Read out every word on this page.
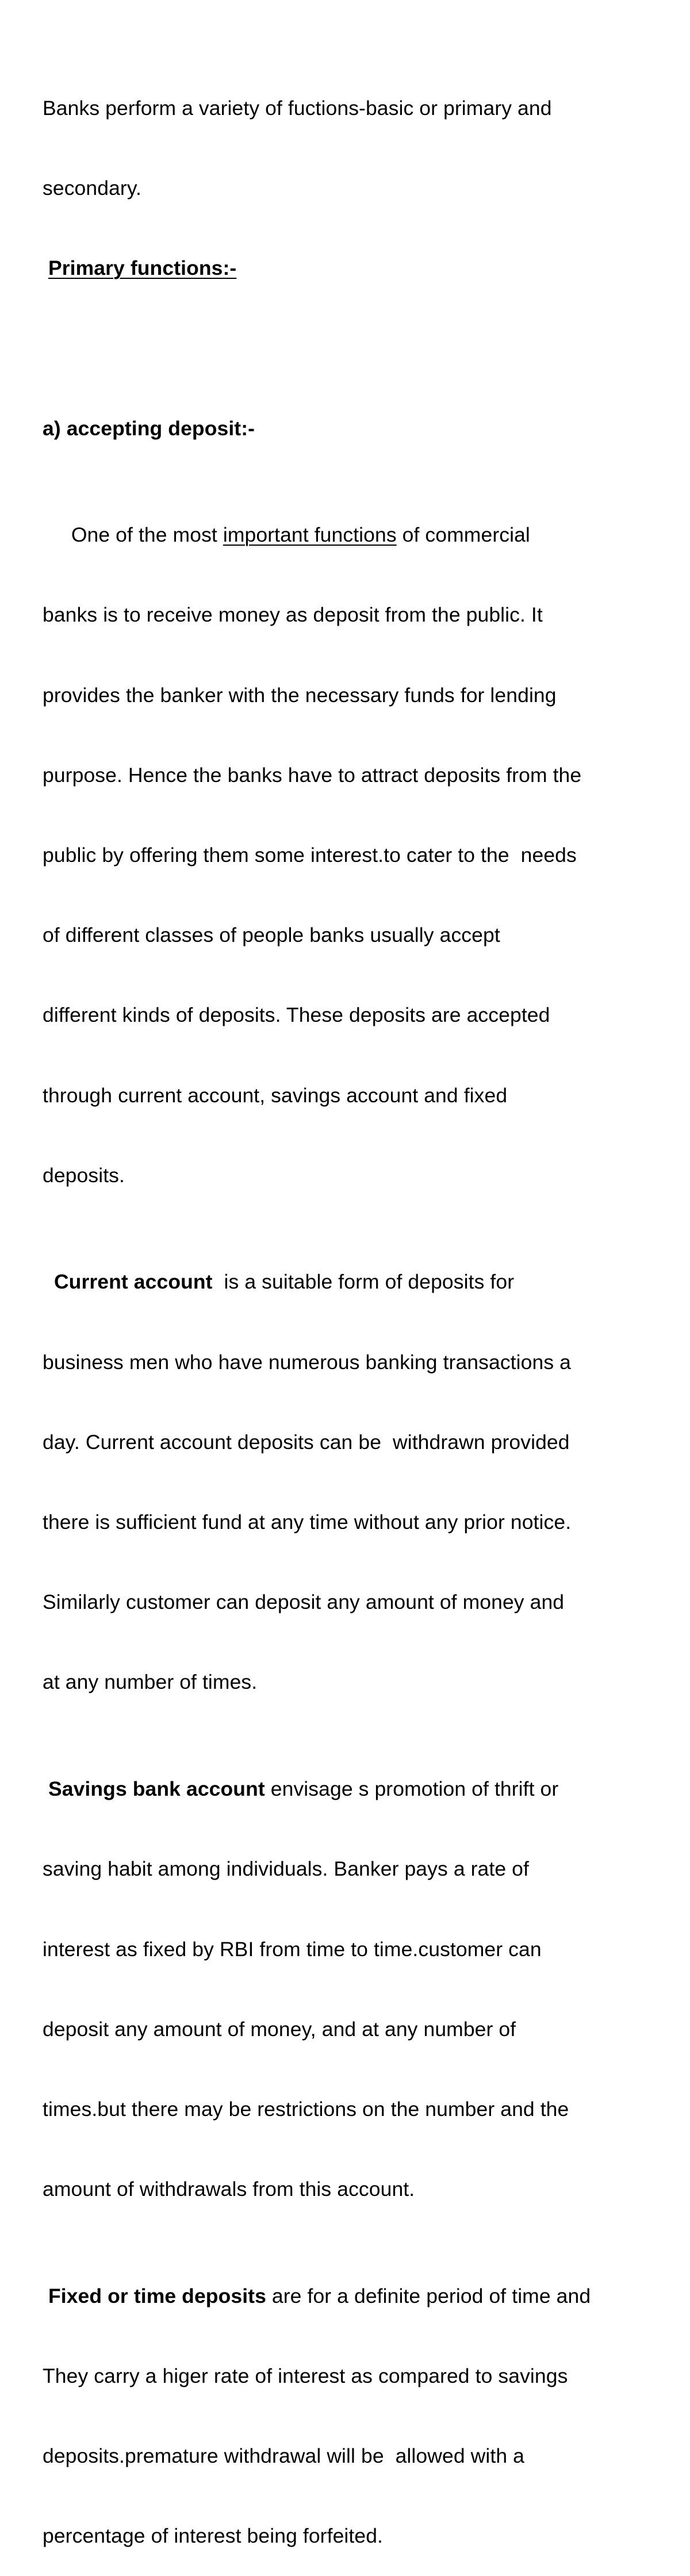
Banks perform a variety of fuctions-basic or primary and

secondary.

Primary functions:-

a) accepting deposit:-

One of the most important functions of commercial

banks is to receive money as deposit from the public. It

provides the banker with the necessary funds for lending

purpose. Hence the banks have to attract deposits from the

public by offering them some interest.to cater to the  needs

of different classes of people banks usually accept

different kinds of deposits. These deposits are accepted

through current account, savings account and fixed

deposits.

Current account  is a suitable form of deposits for

business men who have numerous banking transactions a

day. Current account deposits can be  withdrawn provided

there is sufficient fund at any time without any prior notice.

Similarly customer can deposit any amount of money and

at any number of times.

Savings bank account envisage s promotion of thrift or

saving habit among individuals. Banker pays a rate of

interest as fixed by RBI from time to time.customer can

deposit any amount of money, and at any number of

times.but there may be restrictions on the number and the

amount of withdrawals from this account.

Fixed or time deposits are for a definite period of time and

They carry a higer rate of interest as compared to savings

deposits.premature withdrawal will be  allowed with a

percentage of interest being forfeited.
